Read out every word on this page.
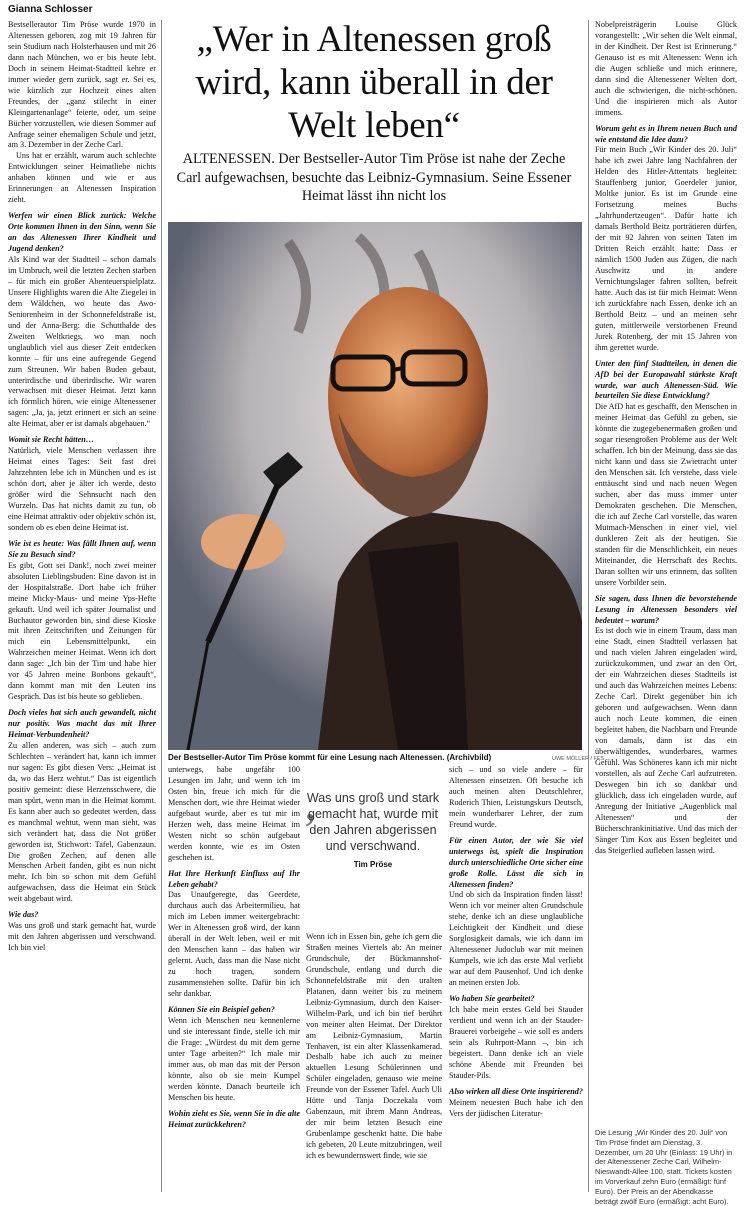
Gianna Schlosser
„Wer in Altenessen groß wird, kann überall in der Welt leben“
ALTENESSEN. Der Bestseller-Autor Tim Pröse ist nahe der Zeche Carl aufgewachsen, besuchte das Leibniz-Gymnasium. Seine Essener Heimat lässt ihn nicht los

Bestsellerautor Tim Pröse wurde 1970 in Altenessen geboren, zog mit 19 Jahren für sein Studium nach Holsterhausen und mit 26 dann nach München, wo er bis heute lebt. Doch in seinem Heimat-Stadtteil kehre er immer wieder gern zurück, sagt er. Sei es, wie kürzlich zur Hochzeit eines alten Freundes, der „ganz stilecht in einer Kleingartenanlage“ feierte, oder, um seine Bücher vorzustellen, wie diesen Sommer auf Anfrage seiner ehemaligen Schule und jetzt, am 3. Dezember in der Zeche Carl.

Uns hat er erzählt, warum auch schlechte Entwicklungen seiner Heimatliebe nichts anhaben können und wie er aus Erinnerungen an Altenessen Inspiration zieht.

Werfen wir einen Blick zurück: Welche Orte kommen Ihnen in den Sinn, wenn Sie an das Altenessen Ihrer Kindheit und Jugend denken?

Als Kind war der Stadtteil – schon damals im Umbruch, weil die letzten Zechen starben – für mich ein großer Abenteuerspielplatz. Unsere Highlights waren die Alte Ziegelei in dem Wäldchen, wo heute das Awo-Seniorenheim in der Schonnefeldstraße ist, und der Anna-Berg: die Schutthalde des Zweiten Weltkriegs, wo man noch unglaublich viel aus dieser Zeit entdecken konnte – für uns eine aufregende Gegend zum Streunen. Wir haben Buden gebaut, unterirdische und überirdische. Wir waren verwachsen mit dieser Heimat. Jetzt kann ich förmlich hören, wie einige Altenessener sagen: „Ja, ja, jetzt erinnert er sich an seine alte Heimat, aber er ist damals abgehauen.“

Womit sie Recht hätten…

Natürlich, viele Menschen verlassen ihre Heimat eines Tages: Seit fast drei Jahrzehnten lebe ich in München und es ist schön dort, aber je älter ich werde, desto größer wird die Sehnsucht nach den Wurzeln. Das hat nichts damit zu tun, ob eine Heimat attraktiv oder objektiv schön ist, sondern ob es eben deine Heimat ist.

Wie ist es heute: Was fällt Ihnen auf, wenn Sie zu Besuch sind?

Es gibt, Gott sei Dank!, noch zwei meiner absoluten Lieblingsbuden: Eine davon ist in der Hospitalstraße. Dort habe ich früher meine Micky-Maus- und meine Yps-Hefte gekauft. Und weil ich später Journalist und Buchautor geworden bin, sind diese Kioske mit ihren Zeitschriften und Zeitungen für mich ein Lebensmittelpunkt, ein Wahrzeichen meiner Heimat. Wenn ich dort dann sage: „Ich bin der Tim und habe hier vor 45 Jahren meine Bonbons gekauft“, dann kommt man mit den Leuten ins Gespräch. Das ist bis heute so geblieben.

Doch vieles hat sich auch gewandelt, nicht nur positiv. Was macht das mit Ihrer Heimat-Verbundenheit?

Zu allen anderen, was sich – auch zum Schlechten – verändert hat, kann ich immer nur sagen: Es gibt diesen Vers: „Heimat ist da, wo das Herz wehtut.“ Das ist eigentlich positiv gemeint: diese Herzensschwere, die man spürt, wenn man in die Heimat kommt. Es kann aber auch so gedeutet werden, dass es manchmal wehtut, wenn man sieht, was sich verändert hat, dass die Not größer geworden ist, Stichwort: Tafel, Gabenzaun. Die großen Zechen, auf denen alle Menschen Arbeit fanden, gibt es nun nicht mehr. Ich bin so schon mit dem Gefühl aufgewachsen, dass die Heimat ein Stück weit abgebaut wird.

Wie das?

Was uns groß und stark gemacht hat, wurde mit den Jahren abgerissen und verschwand. Ich bin viel

Der Bestseller-Autor Tim Pröse kommt für eine Lesung nach Altenessen. (Archivbild)	UWE MÖLLER / FFS

unterwegs, habe ungefähr 100 Lesungen im Jahr, und wenn ich im Osten bin, freue ich mich für die Menschen dort, wie ihre Heimat wieder aufgebaut wurde, aber es tut mir im Herzen weh, dass meine Heimat im Westen nicht so schön aufgebaut werden konnte, wie es im Osten geschehen ist.

Hat Ihre Herkunft Einfluss auf Ihr Leben gehabt?

Das Unaufgeregte, das Geerdete, durchaus auch das Arbeitermilieu, hat mich im Leben immer weitergebracht: Wer in Altenessen groß wird, der kann überall in der Welt leben, weil er mit den Menschen kann – das haben wir gelernt. Auch, dass man die Nase nicht zu hoch tragen, sondern zusammenstehen sollte. Dafür bin ich sehr dankbar.

Können Sie ein Beispiel geben?

Wenn ich Menschen neu kennenlerne und sie interessant finde, stelle ich mir die Frage: „Würdest du mit dem gerne unter Tage arbeiten?“ Ich male mir immer aus, ob man das mit der Person könnte, also ob sie mein Kumpel werden könnte. Danach beurteile ich Menschen bis heute.

Wohin zieht es Sie, wenn Sie in die alte Heimat zurückkehren?

‚
Was uns groß und stark gemacht hat, wurde mit den Jahren abgerissen und verschwand.
Tim Pröse

Wenn ich in Essen bin, gehe ich gern die Straßen meines Viertels ab: An meiner Grundschule, der Bückmannshof-Grundschule, entlang und durch die Schonnefeldstraße mit den uralten Platanen, dann weiter bis zu meinem Leibniz-Gymnasium, durch den Kaiser-Wilhelm-Park, und ich bin tief berührt von meiner alten Heimat. Der Direktor am Leibniz-Gymnasium, Martin Tenhaven, ist ein alter Klassenkamerad. Deshalb habe ich auch zu meiner aktuellen Lesung Schülerinnen und Schüler eingeladen, genauso wie meine Freunde von der Essener Tafel. Auch Uli Hütte und Tanja Doczekala vom Gabenzaun, mit ihrem Mann Andreas, der mir beim letzten Besuch eine Grubenlampe geschenkt hatte. Die habe ich gebeten, 20 Leute mitzubringen, weil ich es bewundernswert finde, wie sie

sich – und so viele andere – für Altenessen einsetzen. Oft besuche ich auch meinen alten Deutschlehrer, Roderich Thien, Leistungskurs Deutsch, mein wunderbarer Lehrer, der zum Freund wurde.

Für einen Autor, der wie Sie viel unterwegs ist, spielt die Inspiration durch unterschiedliche Orte sicher eine große Rolle. Lässt die sich in Altenessen finden?

Und ob sich da Inspiration finden lässt! Wenn ich vor meiner alten Grundschule stehe, denke ich an diese unglaubliche Leichtigkeit der Kindheit und diese Sorglosigkeit damals, wie ich dann im Altenessener Judoclub war mit meinen Kumpels, wie ich das erste Mal verliebt war auf dem Pausenhof. Und ich denke an meinen ersten Job.

Wo haben Sie gearbeitet?

Ich habe mein erstes Geld bei Stauder verdient und wenn ich an der Stauder-Brauerei vorbeigehe – wie soll es anders sein als Ruhrpott-Mann –, bin ich begeistert. Dann denke ich an viele schöne Abende mit Freunden bei Stauder-Pils.

Also wirken all diese Orte inspirierend?

Meinem neuesten Buch habe ich den Vers der jüdischen Literatur-

Nobelpreisträgerin Louise Glück vorangestellt: „Wir sehen die Welt einmal, in der Kindheit. Der Rest ist Erinnerung.“ Genauso ist es mit Altenessen: Wenn ich die Augen schließe und mich erinnere, dann sind die Altenessener Welten dort, auch die schwierigen, die nicht-schönen. Und die inspirieren mich als Autor immens.

Worum geht es in Ihrem neuen Buch und wie entstand die Idee dazu?

Für mein Buch „Wir Kinder des 20. Juli“ habe ich zwei Jahre lang Nachfahren der Helden des Hitler-Attentats begleitet: Stauffenberg junior, Goerdeler junior, Moltke junior. Es ist im Grunde eine Fortsetzung meines Buchs „Jahrhundertzeugen“. Dafür hatte ich damals Berthold Beitz porträtieren dürfen, der mit 92 Jahren von seinen Taten im Dritten Reich erzählt hatte: Dass er nämlich 1500 Juden aus Zügen, die nach Auschwitz und in andere Vernichtungslager fahren sollten, befreit hatte. Auch das ist für mich Heimat: Wenn ich zurückfahre nach Essen, denke ich an Berthold Beitz – und an meinen sehr guten, mittlerweile verstorbenen Freund Jurek Rotenberg, der mit 15 Jahren von ihm gerettet wurde.

Unter den fünf Stadtteilen, in denen die AfD bei der Europawahl stärkste Kraft wurde, war auch Altenessen-Süd. Wie beurteilen Sie diese Entwicklung?

Die AfD hat es geschafft, den Menschen in meiner Heimat das Gefühl zu geben, sie könnte die zugegebenermaßen großen und sogar riesengroßen Probleme aus der Welt schaffen. Ich bin der Meinung, dass sie das nicht kann und dass sie Zwietracht unter den Menschen sät. Ich verstehe, dass viele enttäuscht sind und nach neuen Wegen suchen, aber das muss immer unter Demokraten geschehen. Die Menschen, die ich auf Zeche Carl vorstelle, das waren Mutmach-Menschen in einer viel, viel dunkleren Zeit als der heutigen. Sie standen für die Menschlichkeit, ein neues Miteinander, die Herrschaft des Rechts. Daran sollten wir uns erinnern, das sollten unsere Vorbilder sein.

Sie sagen, dass Ihnen die bevorstehende Lesung in Altenessen besonders viel bedeutet – warum?

Es ist doch wie in einem Traum, dass man eine Stadt, einen Stadtteil verlassen hat und nach vielen Jahren eingeladen wird, zurückzukommen, und zwar an den Ort, der ein Wahrzeichen dieses Stadtteils ist und auch das Wahrzeichen meines Lebens: Zeche Carl. Direkt gegenüber bin ich geboren und aufgewachsen. Wenn dann auch noch Leute kommen, die einen begleitet haben, die Nachbarn und Freunde von damals, dann ist das ein überwältigendes, wunderbares, warmes Gefühl. Was Schöneres kann ich mir nicht vorstellen, als auf Zeche Carl aufzutreten. Deswegen bin ich so dankbar und glücklich, dass ich eingeladen wurde, auf Anregung der Initiative „Augenblick mal Altenessen“ und der Bücherschrankinitiative. Und das mich der Sänger Tim Kox aus Essen begleitet und das Steigerlied aufleben lassen wird.

Die Lesung „Wir Kinder des 20. Juli“ von Tim Pröse findet am Dienstag, 3. Dezember, um 20 Uhr (Einlass: 19 Uhr) in der Altenessener Zeche Carl, Wilhelm-Nieswandt-Allee 100, statt. Tickets kosten im Vorverkauf zehn Euro (ermäßigt: fünf Euro). Der Preis an der Abendkasse beträgt zwölf Euro (ermäßigt: acht Euro).
